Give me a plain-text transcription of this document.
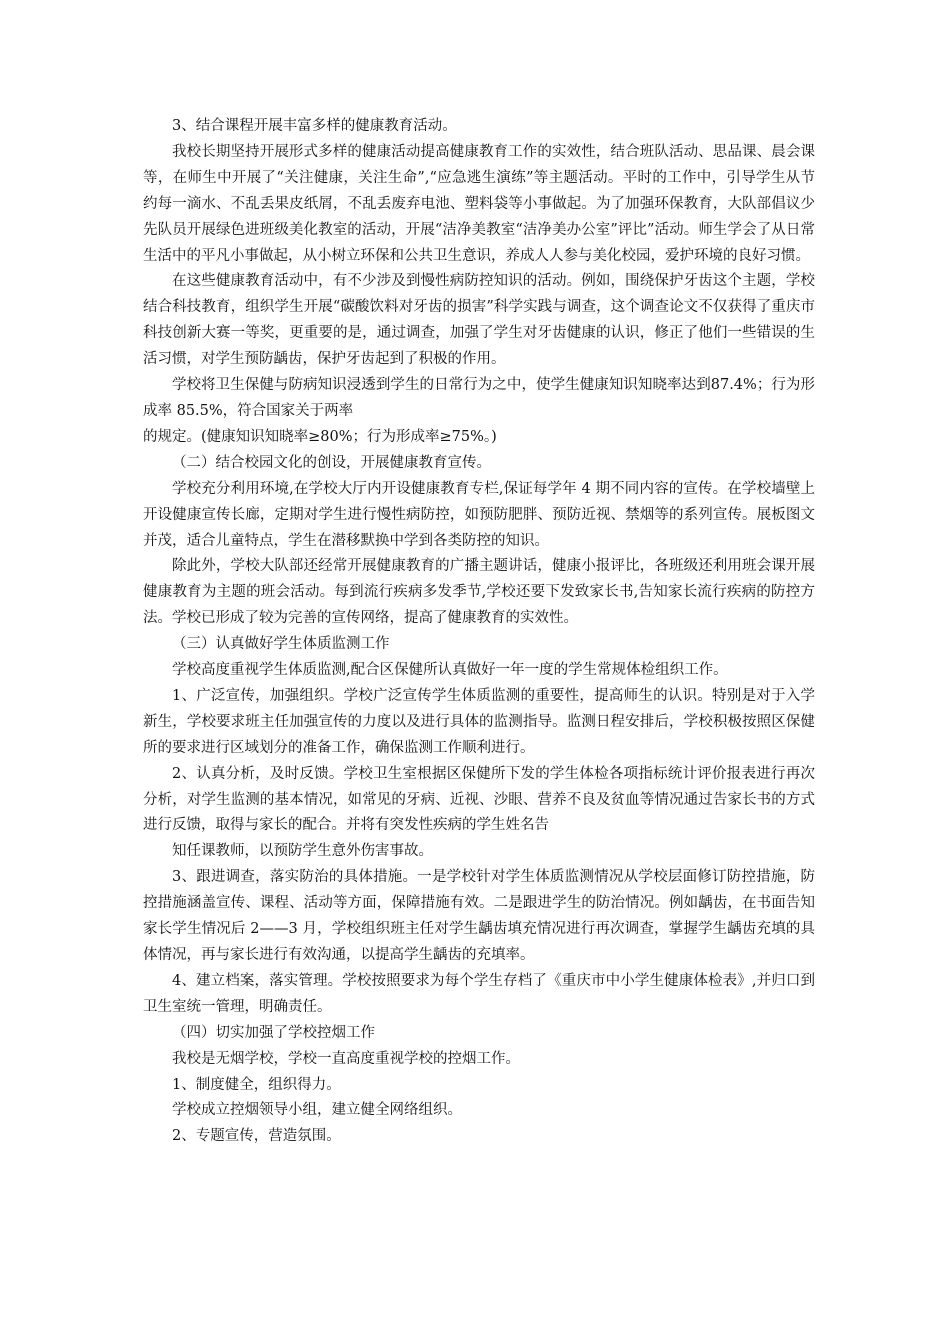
3、结合课程开展丰富多样的健康教育活动。

我校长期坚持开展形式多样的健康活动提高健康教育工作的实效性，结合班队活动、思品课、晨会课等，在师生中开展了“关注健康，关注生命”,“应急逃生演练”等主题活动。平时的工作中，引导学生从节约每一滴水、不乱丢果皮纸屑，不乱丢废弃电池、塑料袋等小事做起。为了加强环保教育，大队部倡议少先队员开展绿色进班级美化教室的活动，开展“洁净美教室“洁净美办公室”评比”活动。师生学会了从日常生活中的平凡小事做起，从小树立环保和公共卫生意识，养成人人参与美化校园，爱护环境的良好习惯。

在这些健康教育活动中，有不少涉及到慢性病防控知识的活动。例如，围绕保护牙齿这个主题，学校结合科技教育，组织学生开展“碳酸饮料对牙齿的损害”科学实践与调查，这个调查论文不仅获得了重庆市科技创新大赛一等奖，更重要的是，通过调查，加强了学生对牙齿健康的认识，修正了他们一些错误的生活习惯，对学生预防龋齿，保护牙齿起到了积极的作用。

学校将卫生保健与防病知识浸透到学生的日常行为之中，使学生健康知识知晓率达到87.4%；行为形成率 85.5%，符合国家关于两率

的规定。(健康知识知晓率≥80%；行为形成率≥75%。)

（二）结合校园文化的创设，开展健康教育宣传。

学校充分利用环境,在学校大厅内开设健康教育专栏,保证每学年 4 期不同内容的宣传。在学校墙壁上开设健康宣传长廊，定期对学生进行慢性病防控，如预防肥胖、预防近视、禁烟等的系列宣传。展板图文并茂，适合儿童特点，学生在潜移默换中学到各类防控的知识。

除此外，学校大队部还经常开展健康教育的广播主题讲话，健康小报评比，各班级还利用班会课开展健康教育为主题的班会活动。每到流行疾病多发季节,学校还要下发致家长书,告知家长流行疾病的防控方法。学校已形成了较为完善的宣传网络，提高了健康教育的实效性。

（三）认真做好学生体质监测工作

学校高度重视学生体质监测,配合区保健所认真做好一年一度的学生常规体检组织工作。

1、广泛宣传，加强组织。学校广泛宣传学生体质监测的重要性，提高师生的认识。特别是对于入学新生，学校要求班主任加强宣传的力度以及进行具体的监测指导。监测日程安排后，学校积极按照区保健所的要求进行区域划分的准备工作，确保监测工作顺利进行。

2、认真分析，及时反馈。学校卫生室根据区保健所下发的学生体检各项指标统计评价报表进行再次分析，对学生监测的基本情况，如常见的牙病、近视、沙眼、营养不良及贫血等情况通过告家长书的方式进行反馈，取得与家长的配合。并将有突发性疾病的学生姓名告

知任课教师，以预防学生意外伤害事故。

3、跟进调查，落实防治的具体措施。一是学校针对学生体质监测情况从学校层面修订防控措施，防控措施涵盖宣传、课程、活动等方面，保障措施有效。二是跟进学生的防治情况。例如龋齿，在书面告知家长学生情况后 2——3 月，学校组织班主任对学生龋齿填充情况进行再次调查，掌握学生龋齿充填的具体情况，再与家长进行有效沟通，以提高学生龋齿的充填率。

4、建立档案，落实管理。学校按照要求为每个学生存档了《重庆市中小学生健康体检表》,并归口到卫生室统一管理，明确责任。

（四）切实加强了学校控烟工作

我校是无烟学校，学校一直高度重视学校的控烟工作。

1、制度健全，组织得力。

学校成立控烟领导小组，建立健全网络组织。

2、专题宣传，营造氛围。
